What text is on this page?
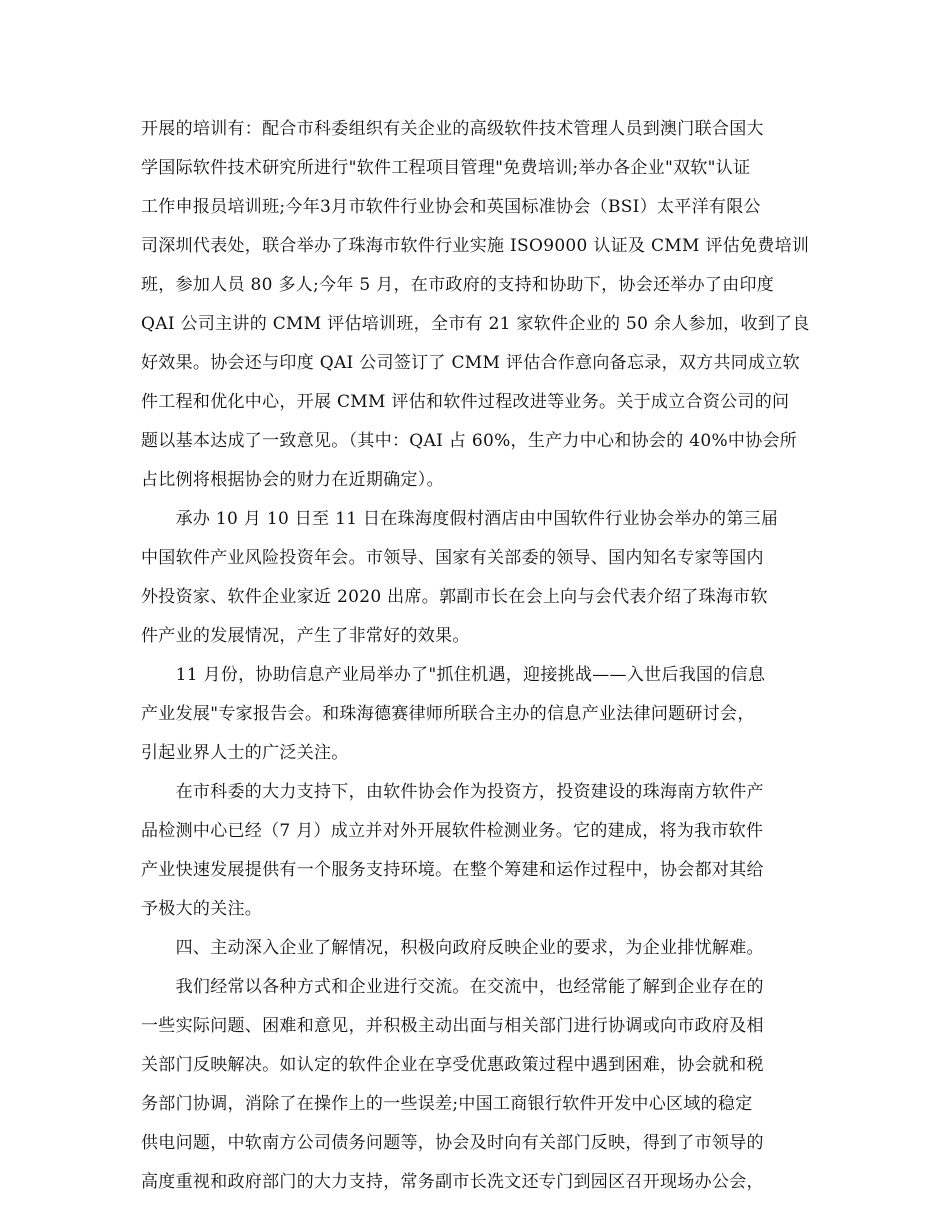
开展的培训有：配合市科委组织有关企业的高级软件技术管理人员到澳门联合国大
学国际软件技术研究所进行"软件工程项目管理"免费培训;举办各企业"双软"认证
工作申报员培训班;今年3月市软件行业协会和英国标准协会（BSI）太平洋有限公
司深圳代表处，联合举办了珠海市软件行业实施 ISO9000 认证及 CMM 评估免费培训
班，参加人员 80 多人;今年 5 月，在市政府的支持和协助下，协会还举办了由印度
QAI 公司主讲的 CMM 评估培训班，全市有 21 家软件企业的 50 余人参加，收到了良
好效果。协会还与印度 QAI 公司签订了 CMM 评估合作意向备忘录，双方共同成立软
件工程和优化中心，开展 CMM 评估和软件过程改进等业务。关于成立合资公司的问
题以基本达成了一致意见。（其中：QAI 占 60%，生产力中心和协会的 40%中协会所
占比例将根据协会的财力在近期确定）。
　　承办 10 月 10 日至 11 日在珠海度假村酒店由中国软件行业协会举办的第三届
中国软件产业风险投资年会。市领导、国家有关部委的领导、国内知名专家等国内
外投资家、软件企业家近 2020 出席。郭副市长在会上向与会代表介绍了珠海市软
件产业的发展情况，产生了非常好的效果。
　　11 月份，协助信息产业局举办了"抓住机遇，迎接挑战——入世后我国的信息
产业发展"专家报告会。和珠海德赛律师所联合主办的信息产业法律问题研讨会，
引起业界人士的广泛关注。
　　在市科委的大力支持下，由软件协会作为投资方，投资建设的珠海南方软件产
品检测中心已经（7 月）成立并对外开展软件检测业务。它的建成，将为我市软件
产业快速发展提供有一个服务支持环境。在整个筹建和运作过程中，协会都对其给
予极大的关注。
　　四、主动深入企业了解情况，积极向政府反映企业的要求，为企业排忧解难。
　　我们经常以各种方式和企业进行交流。在交流中，也经常能了解到企业存在的
一些实际问题、困难和意见，并积极主动出面与相关部门进行协调或向市政府及相
关部门反映解决。如认定的软件企业在享受优惠政策过程中遇到困难，协会就和税
务部门协调，消除了在操作上的一些误差;中国工商银行软件开发中心区域的稳定
供电问题，中软南方公司债务问题等，协会及时向有关部门反映，得到了市领导的
高度重视和政府部门的大力支持，常务副市长冼文还专门到园区召开现场办公会，
